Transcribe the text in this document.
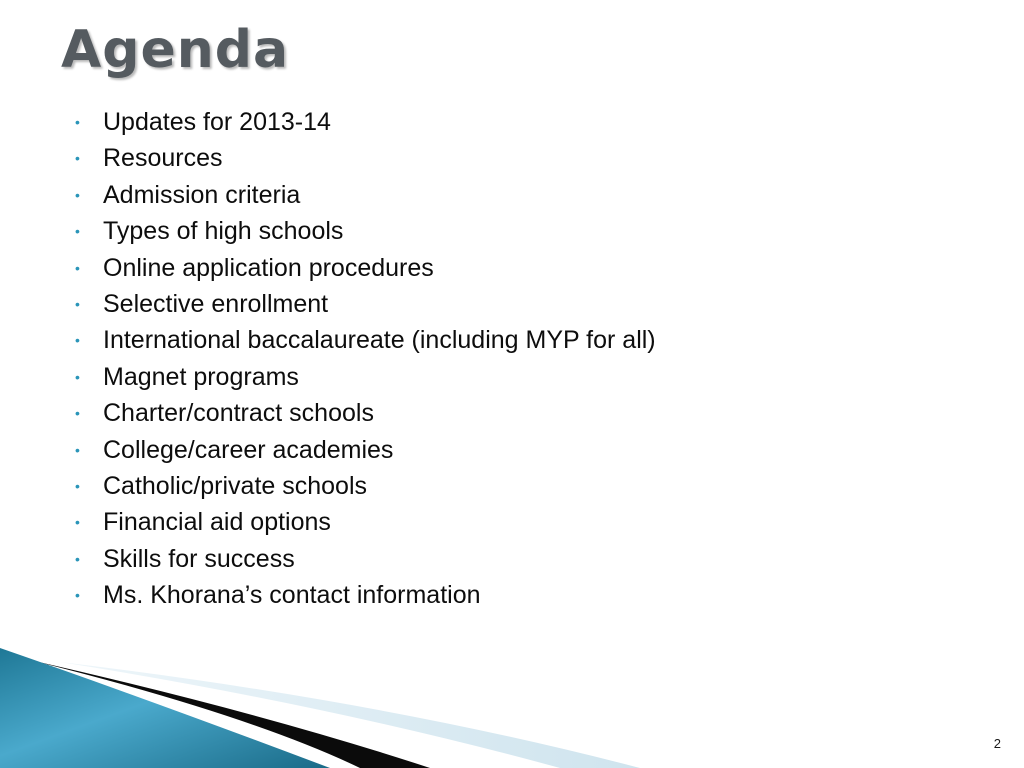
Agenda
• Updates for 2013-14
• Resources
• Admission criteria
• Types of high schools
• Online application procedures
• Selective enrollment
• International baccalaureate (including MYP for all)
• Magnet programs
• Charter/contract schools
• College/career academies
• Catholic/private schools
• Financial aid options
• Skills for success
• Ms. Khorana’s contact information
2
